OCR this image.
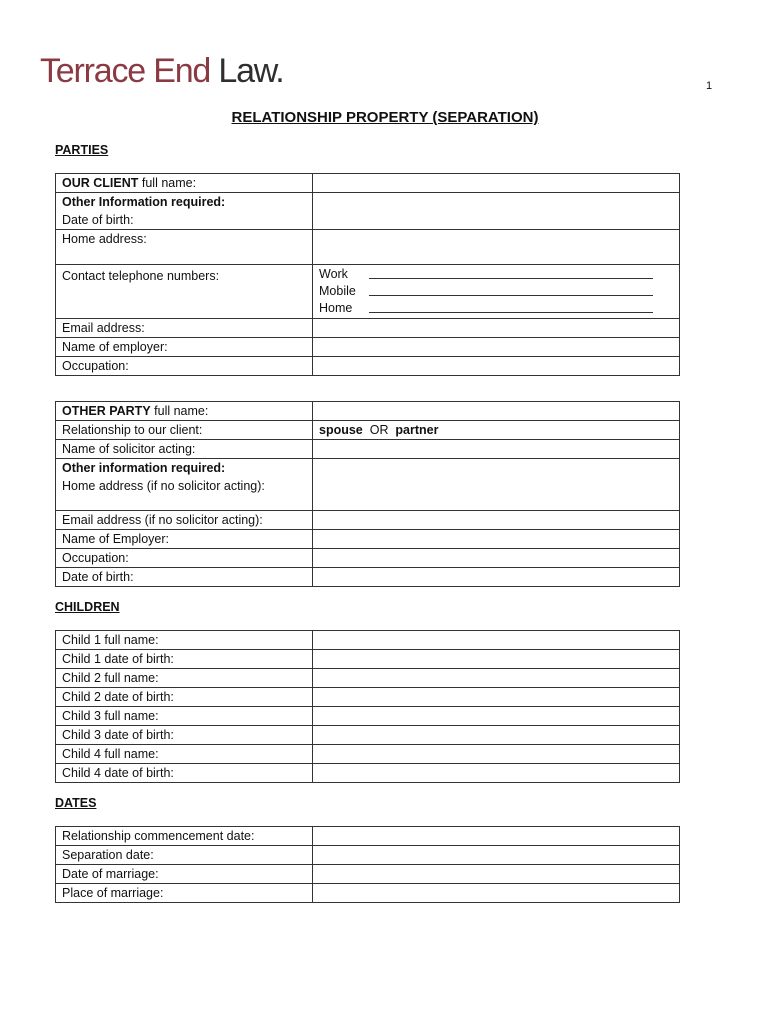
Terrace End Law.	1
RELATIONSHIP PROPERTY (SEPARATION)
PARTIES
OUR CLIENT full name:	

Other Information required:
Date of birth:	

Home address:	
Contact telephone numbers:	Work
Mobile
Home

Email address:	
Name of employer:	
Occupation:	
OTHER PARTY full name:	
Relationship to our client:	spouse OR partner
Name of solicitor acting:	

Other information required:
Home address (if no solicitor acting):	

Email address (if no solicitor acting):	
Name of Employer:	
Occupation:	
Date of birth:	
CHILDREN
Child 1 full name:	
Child 1 date of birth:	
Child 2 full name:	
Child 2 date of birth:	
Child 3 full name:	
Child 3 date of birth:	
Child 4 full name:	
Child 4 date of birth:	
DATES
Relationship commencement date:	
Separation date:	
Date of marriage:	
Place of marriage:	
